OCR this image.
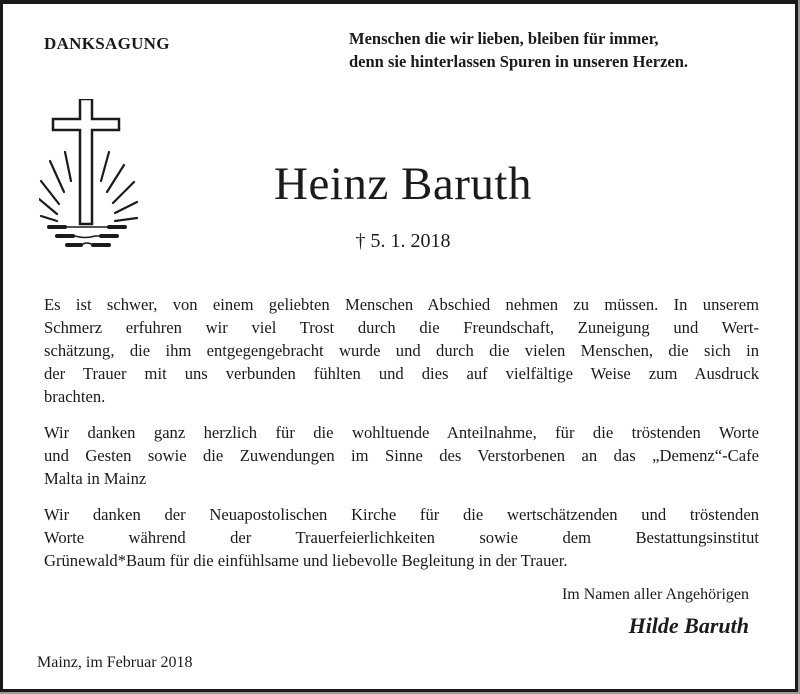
DANKSAGUNG	Menschen die wir lieben, bleiben für immer,
denn sie hinterlassen Spuren in unseren Herzen.
Heinz Baruth
† 5. 1. 2018
Es ist schwer, von einem geliebten Menschen Abschied nehmen zu müssen. In unserem
Schmerz erfuhren wir viel Trost durch die Freundschaft, Zuneigung und Wert-
schätzung, die ihm entgegengebracht wurde und durch die vielen Menschen, die sich in
der Trauer mit uns verbunden fühlten und dies auf vielfältige Weise zum Ausdruck
brachten.
Wir danken ganz herzlich für die wohltuende Anteilnahme, für die tröstenden Worte
und Gesten sowie die Zuwendungen im Sinne des Verstorbenen an das „Demenz“-Cafe
Malta in Mainz
Wir danken der Neuapostolischen Kirche für die wertschätzenden und tröstenden
Worte während der Trauerfeierlichkeiten sowie dem Bestattungsinstitut
Grünewald*Baum für die einfühlsame und liebevolle Begleitung in der Trauer.
Im Namen aller Angehörigen
Hilde Baruth
Mainz, im Februar 2018
